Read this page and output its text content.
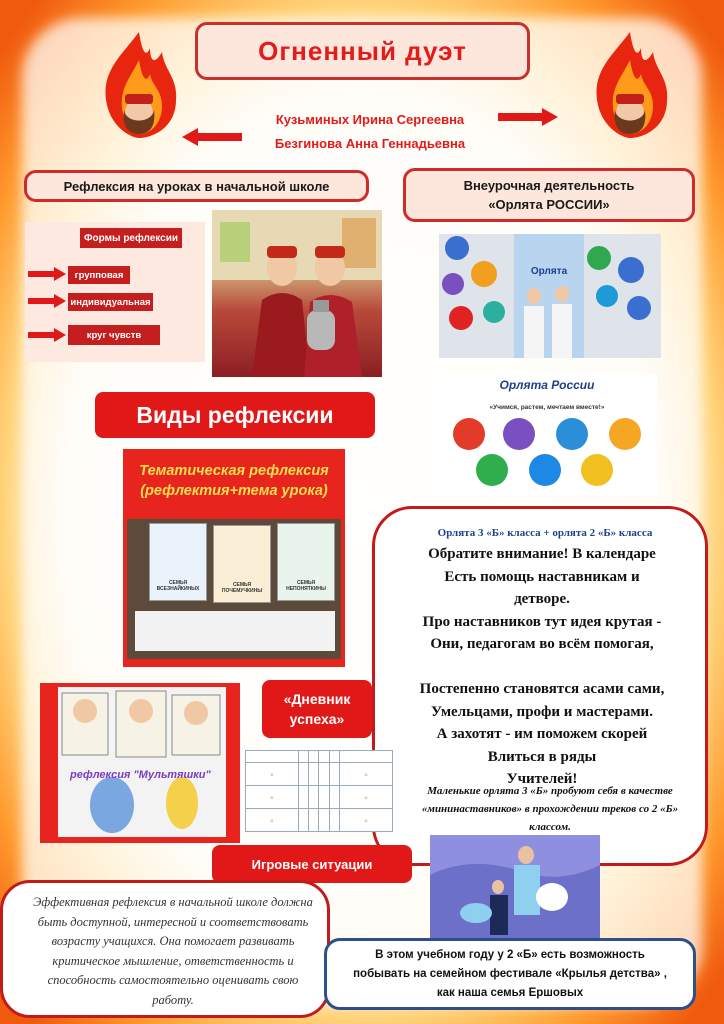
Огненный дуэт
Кузьминых Ирина Сергеевна
Безгинова Анна Геннадьевна
Рефлексия на уроках в начальной школе	Внеурочная деятельность
«Орлята РОССИИ»
Формы рефлексии
групповая
индивидуальная
круг чувств
Орлята
Орлята России
«Учимся, растем, мечтаем вместе!»
Виды рефлексии
Тематическая рефлексия
(рефлектия+тема урока)
СЕМЬЯ ВСЕЗНАЙКИНЫХ
СЕМЬЯ ПОЧЕМУЧКИНЫ
СЕМЬЯ НЕПОНЯТКИНЫ
Орлята 3 «Б» класса + орлята 2 «Б» класса
Обратите внимание! В календаре
Есть помощь наставникам и
детворе.
Про наставников тут идея крутая -
Они, педагогам во всём помогая,
Постепенно становятся асами сами,
Умельцами, профи и мастерами.
А захотят - им поможем скорей
Влиться в ряды
Учителей!
Маленькие орлята 3 «Б» пробуют себя в качестве «мининаставников» в прохождении треков со 2 «Б» классом.
рефлексия "Мультяшки"
«Дневник
успеха»

☺					☺
☺					☺
☺					☺
Игровые ситуации
Эффективная рефлексия в начальной школе должна быть доступной, интересной и соответствовать возрасту учащихся. Она помогает развивать критическое мышление, ответственность и способность самостоятельно оценивать свою работу.
В этом учебном году у 2 «Б» есть возможность
побывать на семейном фестивале «Крылья детства» ,
как наша семья Ершовых
